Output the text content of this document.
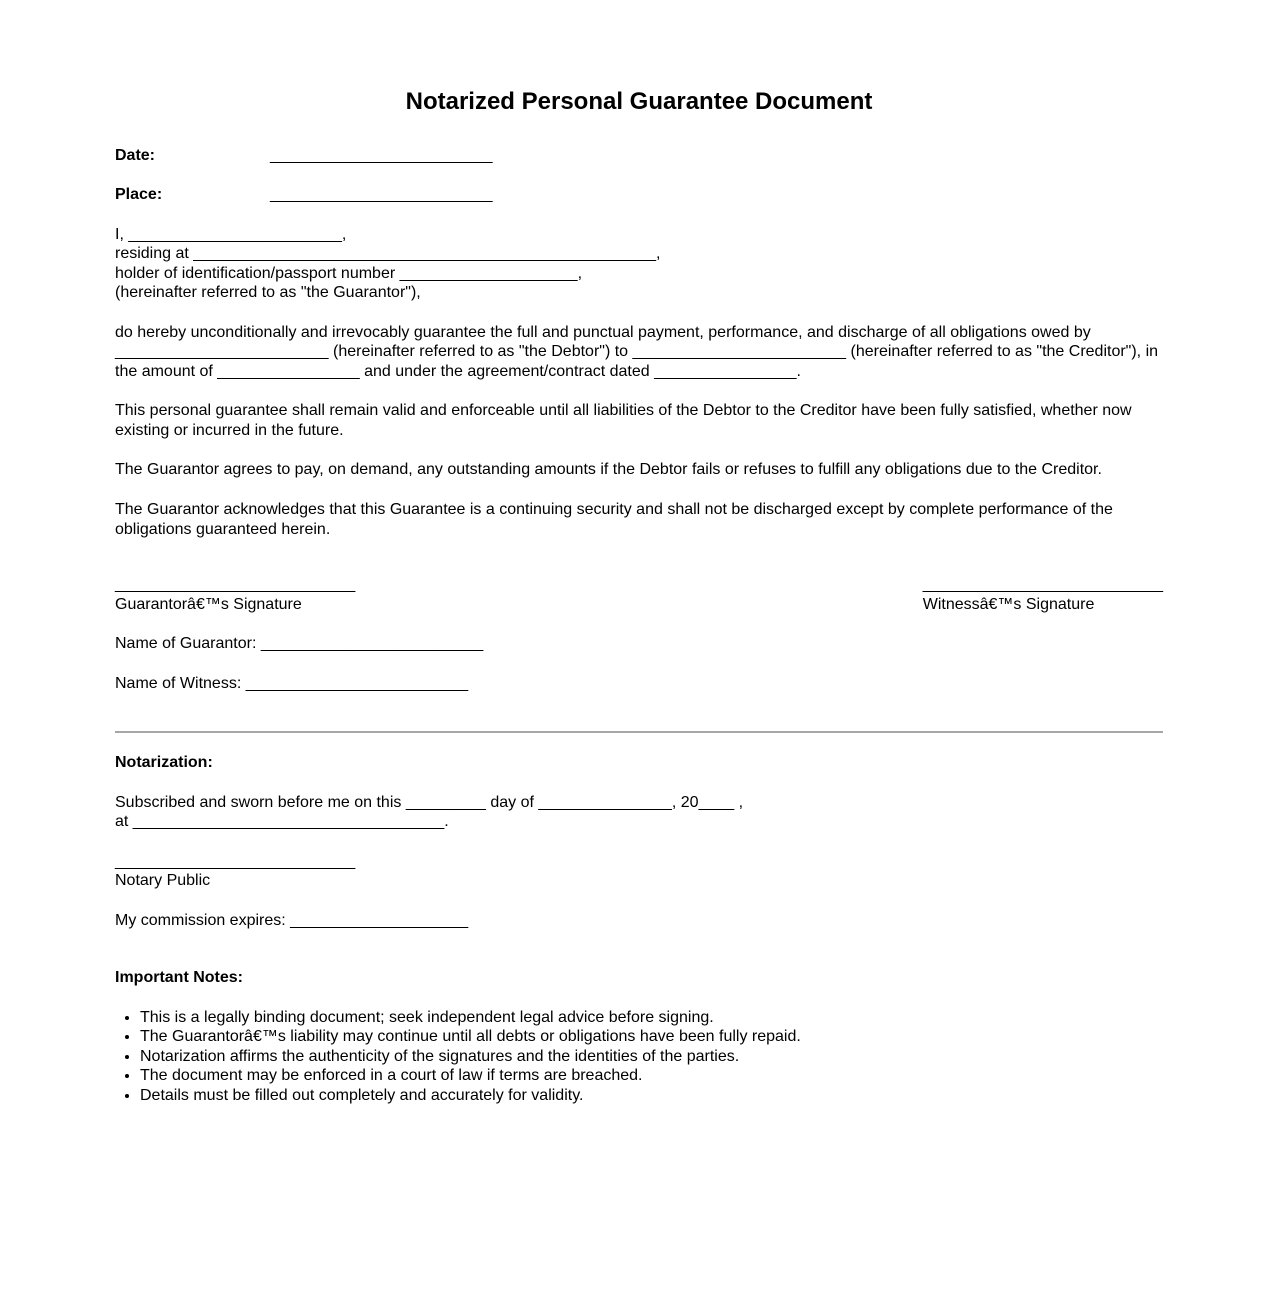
Notarized Personal Guarantee Document

Date:	_________________________

Place:	_________________________

I, ________________________,
residing at ____________________________________________________,
holder of identification/passport number ____________________,
(hereinafter referred to as "the Guarantor"),

do hereby unconditionally and irrevocably guarantee the full and punctual payment, performance, and discharge of all obligations owed by ________________________ (hereinafter referred to as "the Debtor") to ________________________ (hereinafter referred to as "the Creditor"), in the amount of ________________ and under the agreement/contract dated ________________.

This personal guarantee shall remain valid and enforceable until all liabilities of the Debtor to the Creditor have been fully satisfied, whether now existing or incurred in the future.

The Guarantor agrees to pay, on demand, any outstanding amounts if the Debtor fails or refuses to fulfill any obligations due to the Creditor.

The Guarantor acknowledges that this Guarantee is a continuing security and shall not be discharged except by complete performance of the obligations guaranteed herein.

___________________________
Guarantorâ€™s Signature
___________________________
Witnessâ€™s Signature

Name of Guarantor: _________________________

Name of Witness: _________________________

Notarization:

Subscribed and sworn before me on this _________ day of _______________, 20____ ,
at ___________________________________.

___________________________
Notary Public

My commission expires: ____________________

Important Notes:

• This is a legally binding document; seek independent legal advice before signing.
• The Guarantorâ€™s liability may continue until all debts or obligations have been fully repaid.
• Notarization affirms the authenticity of the signatures and the identities of the parties.
• The document may be enforced in a court of law if terms are breached.
• Details must be filled out completely and accurately for validity.
